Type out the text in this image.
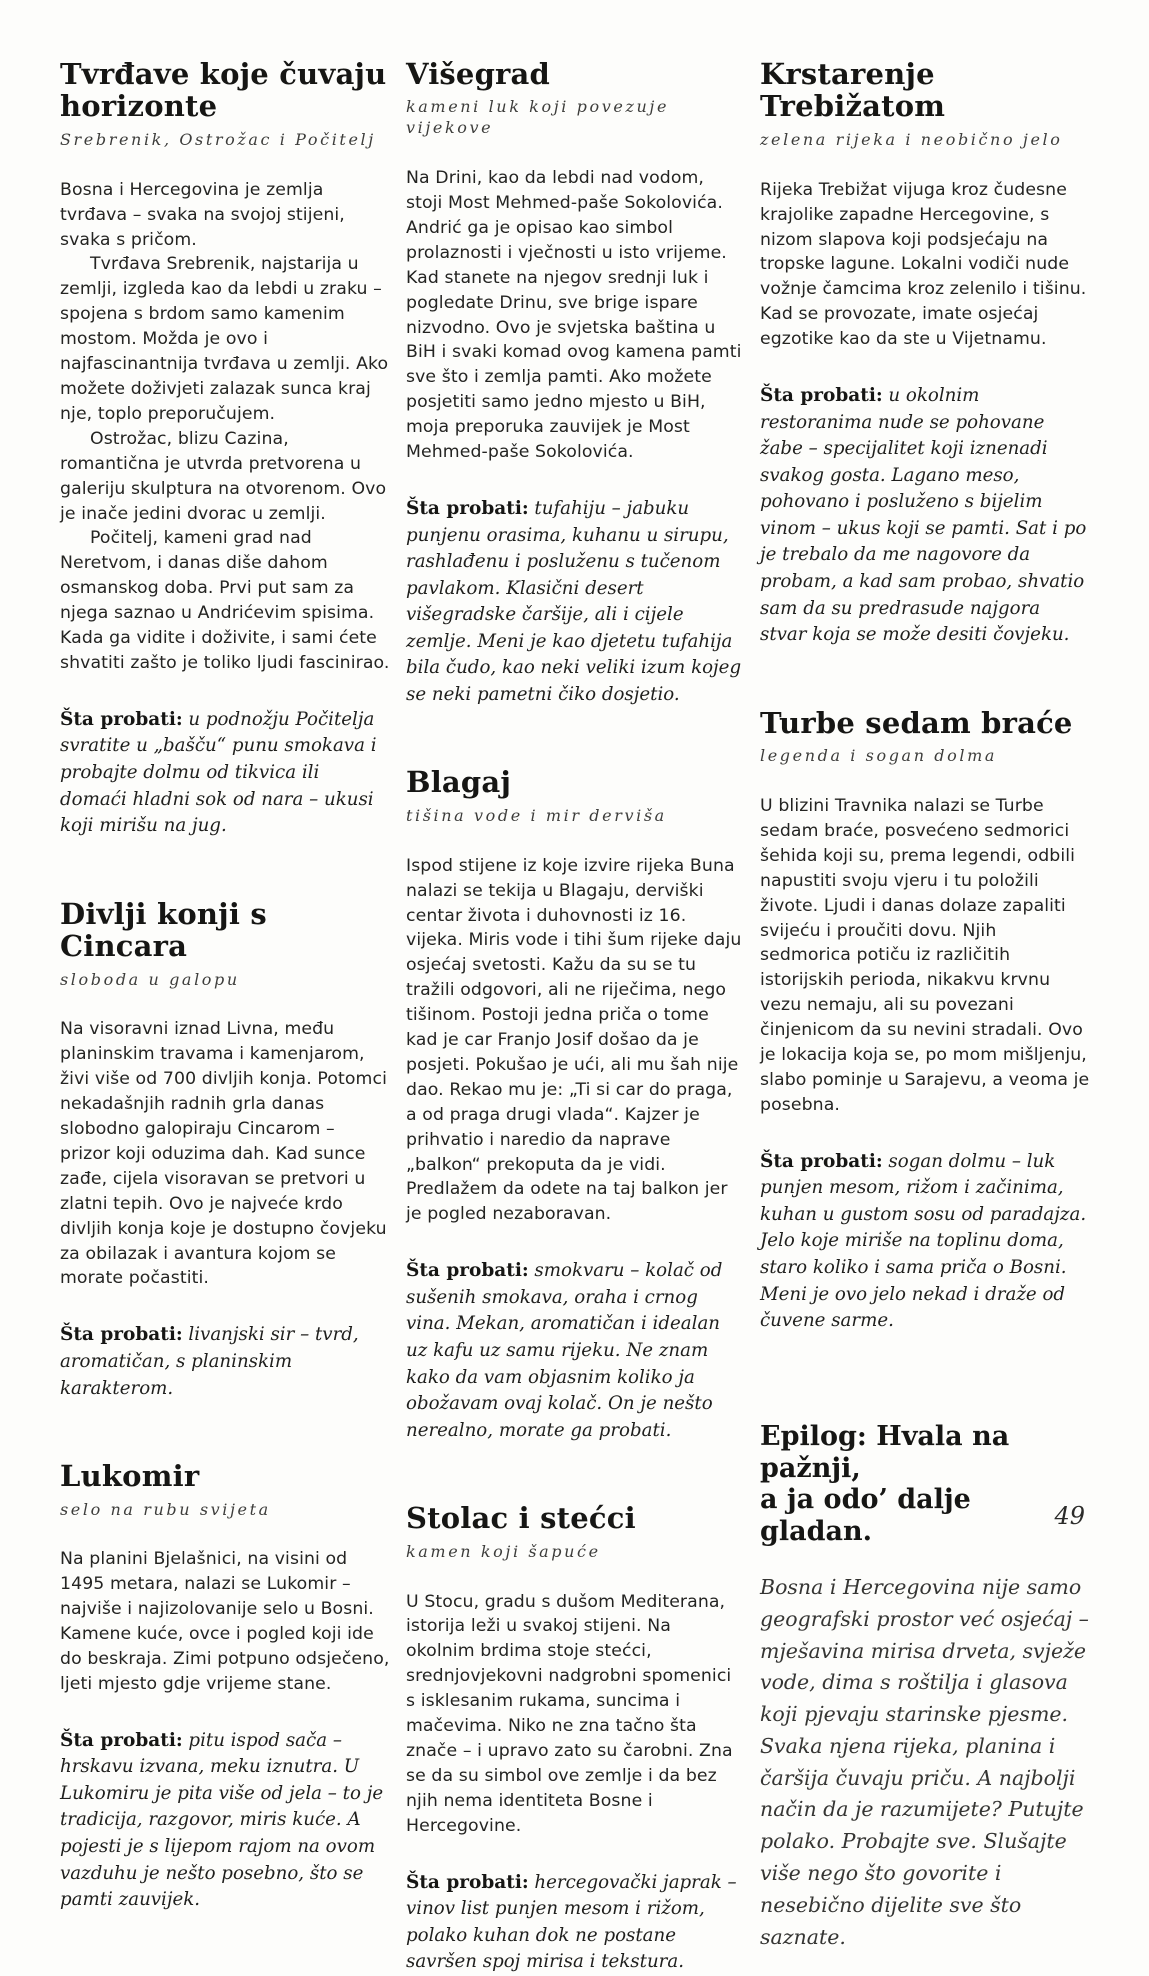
Tvrđave koje čuvaju horizonte
Srebrenik, Ostrožac i Počitelj

Bosna i Hercegovina je zemlja tvrđava – svaka na svojoj stijeni, svaka s pričom.

Tvrđava Srebrenik, najstarija u zemlji, izgleda kao da lebdi u zraku – spojena s brdom samo kamenim mostom. Možda je ovo i najfascinantnija tvrđava u zemlji. Ako možete doživjeti zalazak sunca kraj nje, toplo preporučujem.

Ostrožac, blizu Cazina, romantična je utvrda pretvorena u galeriju skulptura na otvorenom. Ovo je inače jedini dvorac u zemlji.

Počitelj, kameni grad nad Neretvom, i danas diše dahom osmanskog doba. Prvi put sam za njega saznao u Andrićevim spisima. Kada ga vidite i doživite, i sami ćete shvatiti zašto je toliko ljudi fascinirao.

Šta probati: u podnožju Počitelja svratite u „bašču“ punu smokava i probajte dolmu od tikvica ili domaći hladni sok od nara – ukusi koji mirišu na jug.

Divlji konji s Cincara
sloboda u galopu

Na visoravni iznad Livna, među planinskim travama i kamenjarom, živi više od 700 divljih konja. Potomci nekadašnjih radnih grla danas slobodno galopiraju Cincarom – prizor koji oduzima dah. Kad sunce zađe, cijela visoravan se pretvori u zlatni tepih. Ovo je najveće krdo divljih konja koje je dostupno čovjeku za obilazak i avantura kojom se morate počastiti.

Šta probati: livanjski sir – tvrd, aromatičan, s planinskim karakterom.

Lukomir
selo na rubu svijeta

Na planini Bjelašnici, na visini od 1495 metara, nalazi se Lukomir – najviše i najizolovanije selo u Bosni. Kamene kuće, ovce i pogled koji ide do beskraja. Zimi potpuno odsječeno, ljeti mjesto gdje vrijeme stane.

Šta probati: pitu ispod sača – hrskavu izvana, meku iznutra. U Lukomiru je pita više od jela – to je tradicija, razgovor, miris kuće. A pojesti je s lijepom rajom na ovom vazduhu je nešto posebno, što se pamti zauvijek.

Višegrad
kameni luk koji povezuje vijekove

Na Drini, kao da lebdi nad vodom, stoji Most Mehmed-paše Sokolovića. Andrić ga je opisao kao simbol prolaznosti i vječnosti u isto vrijeme. Kad stanete na njegov srednji luk i pogledate Drinu, sve brige ispare nizvodno. Ovo je svjetska baština u BiH i svaki komad ovog kamena pamti sve što i zemlja pamti. Ako možete posjetiti samo jedno mjesto u BiH, moja preporuka zauvijek je Most Mehmed-paše Sokolovića.

Šta probati: tufahiju – jabuku punjenu orasima, kuhanu u sirupu, rashlađenu i posluženu s tučenom pavlakom. Klasični desert višegradske čaršije, ali i cijele zemlje. Meni je kao djetetu tufahija bila čudo, kao neki veliki izum kojeg se neki pametni čiko dosjetio.

Blagaj
tišina vode i mir derviša

Ispod stijene iz koje izvire rijeka Buna nalazi se tekija u Blagaju, derviški centar života i duhovnosti iz 16. vijeka. Miris vode i tihi šum rijeke daju osjećaj svetosti. Kažu da su se tu tražili odgovori, ali ne riječima, nego tišinom. Postoji jedna priča o tome kad je car Franjo Josif došao da je posjeti. Pokušao je ući, ali mu šah nije dao. Rekao mu je: „Ti si car do praga, a od praga drugi vlada“. Kajzer je prihvatio i naredio da naprave „balkon“ prekoputa da je vidi. Predlažem da odete na taj balkon jer je pogled nezaboravan.

Šta probati: smokvaru – kolač od sušenih smokava, oraha i crnog vina. Mekan, aromatičan i idealan uz kafu uz samu rijeku. Ne znam kako da vam objasnim koliko ja obožavam ovaj kolač. On je nešto nerealno, morate ga probati.

Stolac i stećci
kamen koji šapuće

U Stocu, gradu s dušom Mediterana, istorija leži u svakoj stijeni. Na okolnim brdima stoje stećci, srednjovjekovni nadgrobni spomenici s isklesanim rukama, suncima i mačevima. Niko ne zna tačno šta znače – i upravo zato su čarobni. Zna se da su simbol ove zemlje i da bez njih nema identiteta Bosne i Hercegovine.

Šta probati: hercegovački japrak – vinov list punjen mesom i rižom, polako kuhan dok ne postane savršen spoj mirisa i tekstura.

Krstarenje Trebižatom
zelena rijeka i neobično jelo

Rijeka Trebižat vijuga kroz čudesne krajolike zapadne Hercegovine, s nizom slapova koji podsjećaju na tropske lagune. Lokalni vodiči nude vožnje čamcima kroz zelenilo i tišinu. Kad se provozate, imate osjećaj egzotike kao da ste u Vijetnamu.

Šta probati: u okolnim restoranima nude se pohovane žabe – specijalitet koji iznenadi svakog gosta. Lagano meso, pohovano i posluženo s bijelim vinom – ukus koji se pamti. Sat i po je trebalo da me nagovore da probam, a kad sam probao, shvatio sam da su predrasude najgora stvar koja se može desiti čovjeku.

Turbe sedam braće
legenda i sogan dolma

U blizini Travnika nalazi se Turbe sedam braće, posvećeno sedmorici šehida koji su, prema legendi, odbili napustiti svoju vjeru i tu položili živote. Ljudi i danas dolaze zapaliti svijeću i proučiti dovu. Njih sedmorica potiču iz različitih istorijskih perioda, nikakvu krvnu vezu nemaju, ali su povezani činjenicom da su nevini stradali. Ovo je lokacija koja se, po mom mišljenju, slabo pominje u Sarajevu, a veoma je posebna.

Šta probati: sogan dolmu – luk punjen mesom, rižom i začinima, kuhan u gustom sosu od paradajza. Jelo koje miriše na toplinu doma, staro koliko i sama priča o Bosni. Meni je ovo jelo nekad i draže od čuvene sarme.

Epilog: Hvala na pažnji,
a ja odo’ dalje gladan.
Bosna i Hercegovina nije samo geografski prostor već osjećaj – mješavina mirisa drveta, svježe vode, dima s roštilja i glasova koji pjevaju starinske pjesme. Svaka njena rijeka, planina i čaršija čuvaju priču. A najbolji način da je razumijete? Putujte polako. Probajte sve. Slušajte više nego što govorite i nesebično dijelite sve što saznate.
49
